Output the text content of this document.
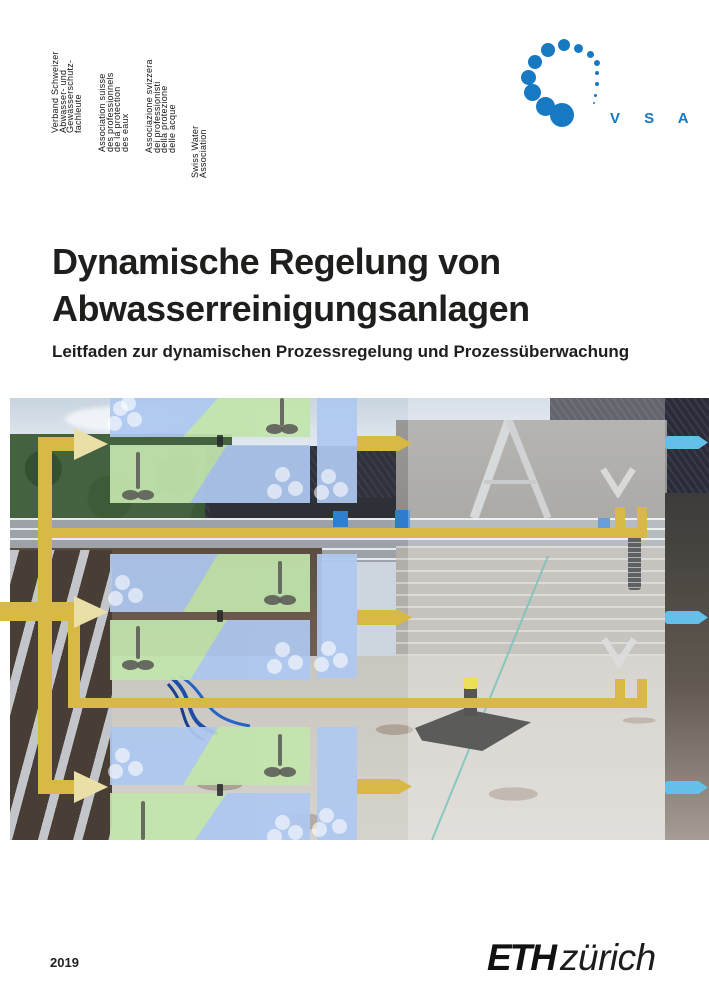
Verband Schweizer
Abwasser- und
Gewässerschutz-
fachleute Association suisse
des professionnels
de la protection
des eaux Associazione svizzera
dei professionisti
della protezione
delle acque Swiss Water
Association
V S A
Dynamische Regelung von
Abwasserreinigungsanlagen
Leitfaden zur dynamischen Prozessregelung und Prozessüberwachung
2019	ETH zürich
